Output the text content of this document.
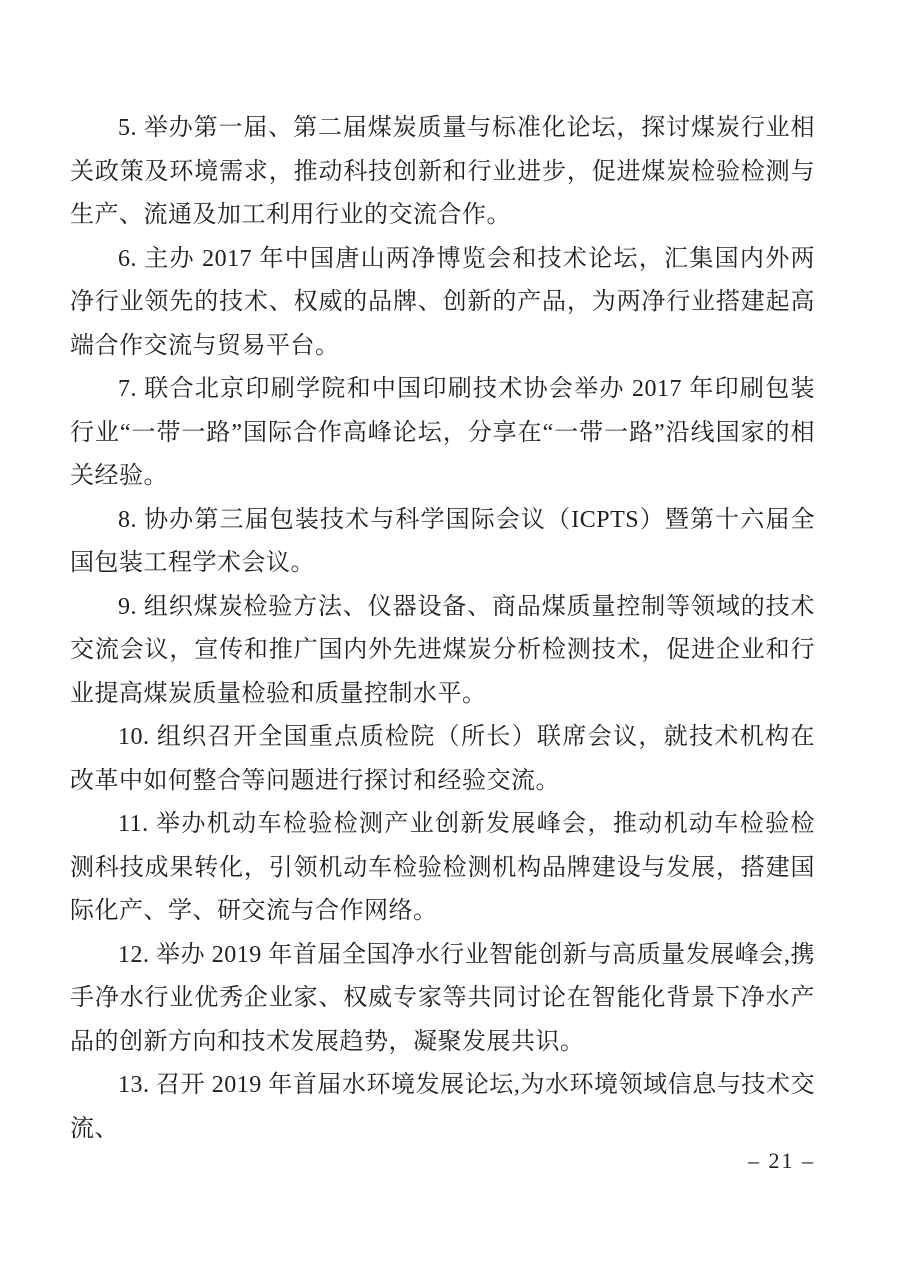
5. 举办第一届、第二届煤炭质量与标准化论坛，探讨煤炭行业相关政策及环境需求，推动科技创新和行业进步，促进煤炭检验检测与生产、流通及加工利用行业的交流合作。

6. 主办 2017 年中国唐山两净博览会和技术论坛，汇集国内外两净行业领先的技术、权威的品牌、创新的产品，为两净行业搭建起高端合作交流与贸易平台。

7. 联合北京印刷学院和中国印刷技术协会举办 2017 年印刷包装行业“一带一路”国际合作高峰论坛，分享在“一带一路”沿线国家的相关经验。

8. 协办第三届包装技术与科学国际会议（ICPTS）暨第十六届全国包装工程学术会议。

9. 组织煤炭检验方法、仪器设备、商品煤质量控制等领域的技术交流会议，宣传和推广国内外先进煤炭分析检测技术，促进企业和行业提高煤炭质量检验和质量控制水平。

10. 组织召开全国重点质检院（所长）联席会议，就技术机构在改革中如何整合等问题进行探讨和经验交流。

11. 举办机动车检验检测产业创新发展峰会，推动机动车检验检测科技成果转化，引领机动车检验检测机构品牌建设与发展，搭建国际化产、学、研交流与合作网络。

12. 举办 2019 年首届全国净水行业智能创新与高质量发展峰会,携手净水行业优秀企业家、权威专家等共同讨论在智能化背景下净水产品的创新方向和技术发展趋势，凝聚发展共识。

13. 召开 2019 年首届水环境发展论坛,为水环境领域信息与技术交流、

– 21 –
